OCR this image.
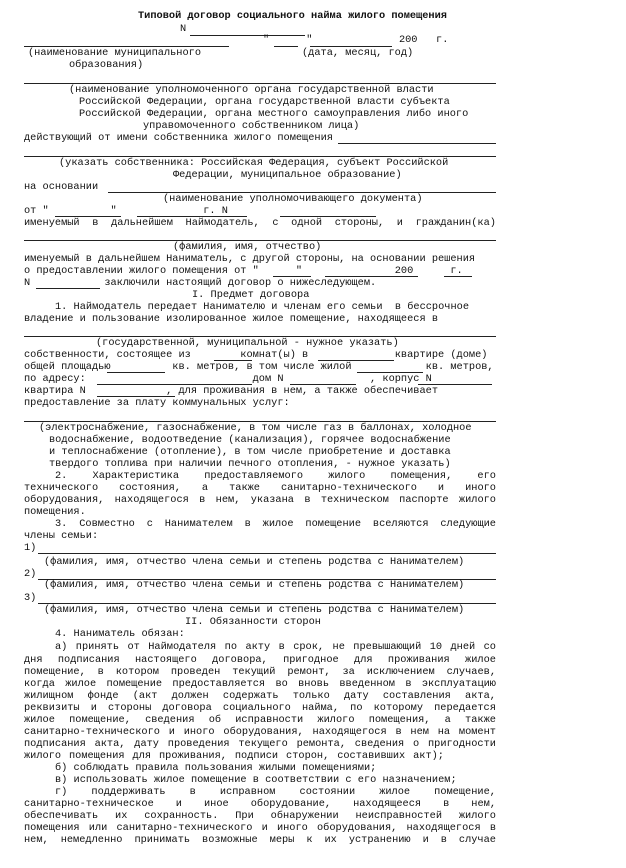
Типовой договор социального найма жилого помещения
N
"      "              200   г.
(наименование муниципального	(дата, месяц, год)
образования)
(наименование уполномоченного органа государственной власти
Российской Федерации, органа государственной власти субъекта
Российской Федерации, органа местного самоуправления либо иного
управомоченного собственником лица)
действующий от имени собственника жилого помещения
(указать собственника: Российская Федерация, субъект Российской
Федерации, муниципальное образование)
на основании
(наименование уполномочивающего документа)
от "          "              г. N
именуемый в дальнейшем Наймодатель, с одной стороны, и гражданин(ка)
(фамилия, имя, отчество)
именуемый в дальнейшем Наниматель, с другой стороны, на основании решения
о предоставлении жилого помещения от "      "               200      г.
N            заключили настоящий договор о нижеследующем.
I. Предмет договора
1. Наймодатель передает Нанимателю и членам его семьи  в бессрочное
владение и пользование изолированное жилое помещение, находящееся в
(государственной, муниципальной - нужное указать)
собственности, состоящее из        комнат(ы) в              квартире (доме)
общей площадью          кв. метров, в том числе жилой            кв. метров,
по адресу:                           дом N              , корпус N
квартира N             , для проживания в нем, а также обеспечивает
предоставление за плату коммунальных услуг:
(электроснабжение, газоснабжение, в том числе газ в баллонах, холодное
водоснабжение, водоотведение (канализация), горячее водоснабжение
и теплоснабжение (отопление), в том числе приобретение и доставка
твердого топлива при наличии печного отопления, - нужное указать)
2. Характеристика предоставляемого жилого помещения, его
технического состояния, а также санитарно-технического и иного
оборудования, находящегося в нем, указана в техническом паспорте жилого
помещения.
3. Совместно с Нанимателем в жилое помещение вселяются следующие
члены семьи:
1)
(фамилия, имя, отчество члена семьи и степень родства с Нанимателем)
2)
(фамилия, имя, отчество члена семьи и степень родства с Нанимателем)
3)
(фамилия, имя, отчество члена семьи и степень родства с Нанимателем)
II. Обязанности сторон
4. Наниматель обязан:
а) принять от Наймодателя по акту в срок, не превышающий 10 дней со
дня подписания настоящего договора, пригодное для проживания жилое
помещение, в котором проведен текущий ремонт, за исключением случаев,
когда жилое помещение предоставляется во вновь введенном в эксплуатацию
жилищном фонде (акт должен содержать только дату составления акта,
реквизиты и стороны договора социального найма, по которому передается
жилое помещение, сведения об исправности жилого помещения, а также
санитарно-технического и иного оборудования, находящегося в нем на момент
подписания акта, дату проведения текущего ремонта, сведения о пригодности
жилого помещения для проживания, подписи сторон, составивших акт);
б) соблюдать правила пользования жилыми помещениями;
в) использовать жилое помещение в соответствии с его назначением;
г) поддерживать в исправном состоянии жилое помещение,
санитарно-техническое и иное оборудование, находящееся в нем,
обеспечивать их сохранность. При обнаружении неисправностей жилого
помещения или санитарно-технического и иного оборудования, находящегося в
нем, немедленно принимать возможные меры к их устранению и в случае
